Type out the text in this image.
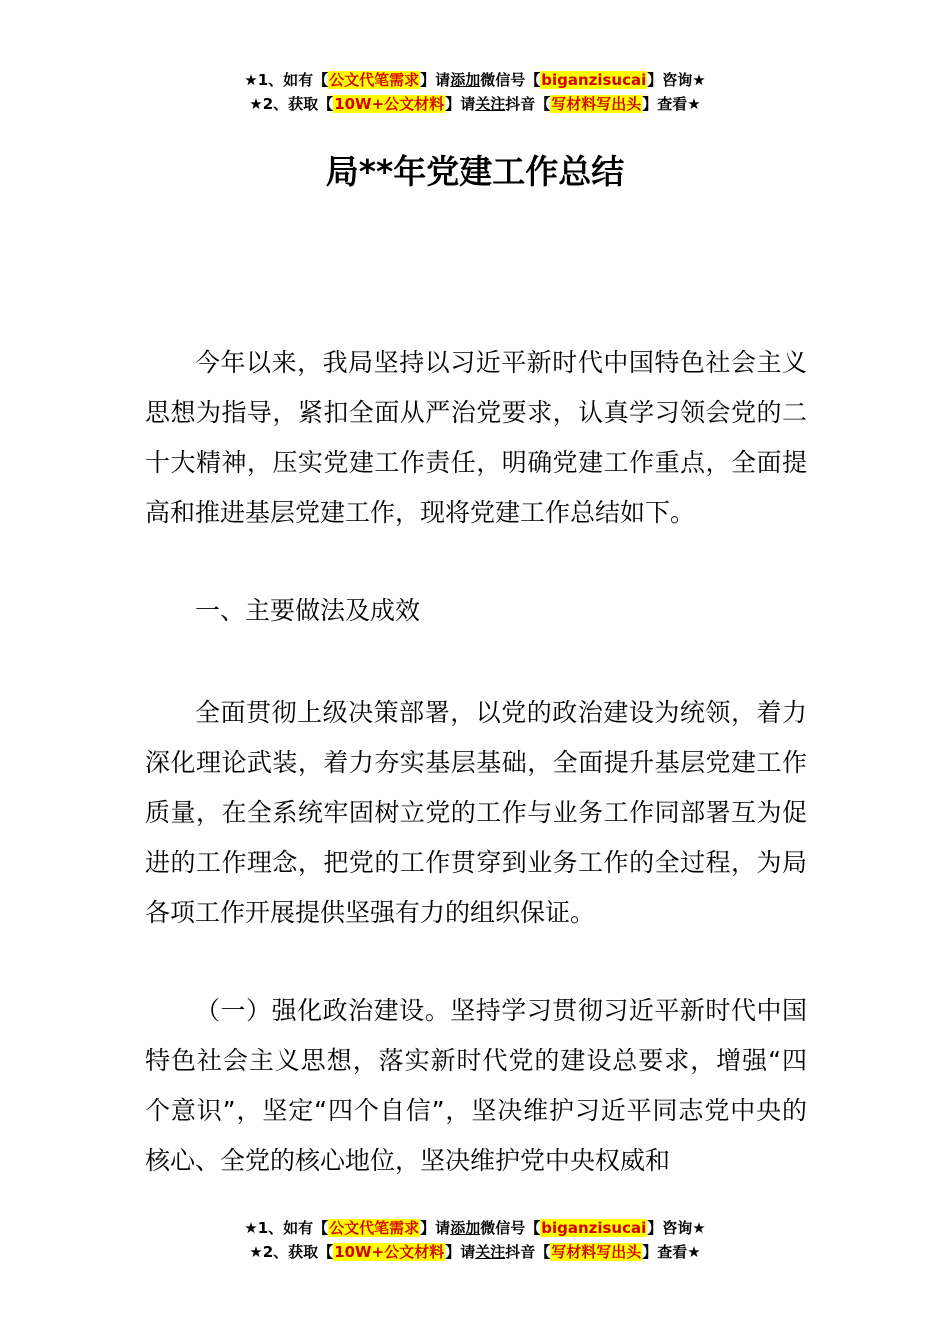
★1、如有【公文代笔需求】请添加微信号【biganzisucai】咨询★
★2、获取【10W+公文材料】请关注抖音【写材料写出头】查看★
局**年党建工作总结
今年以来，我局坚持以习近平新时代中国特色社会主义思想为指导，紧扣全面从严治党要求，认真学习领会党的二十大精神，压实党建工作责任，明确党建工作重点，全面提高和推进基层党建工作，现将党建工作总结如下。
一、主要做法及成效
全面贯彻上级决策部署，以党的政治建设为统领，着力深化理论武装，着力夯实基层基础，全面提升基层党建工作质量，在全系统牢固树立党的工作与业务工作同部署互为促进的工作理念，把党的工作贯穿到业务工作的全过程，为局各项工作开展提供坚强有力的组织保证。
（一）强化政治建设。坚持学习贯彻习近平新时代中国特色社会主义思想，落实新时代党的建设总要求，增强“四个意识”，坚定“四个自信”，坚决维护习近平同志党中央的核心、全党的核心地位，坚决维护党中央权威和
★1、如有【公文代笔需求】请添加微信号【biganzisucai】咨询★
★2、获取【10W+公文材料】请关注抖音【写材料写出头】查看★
